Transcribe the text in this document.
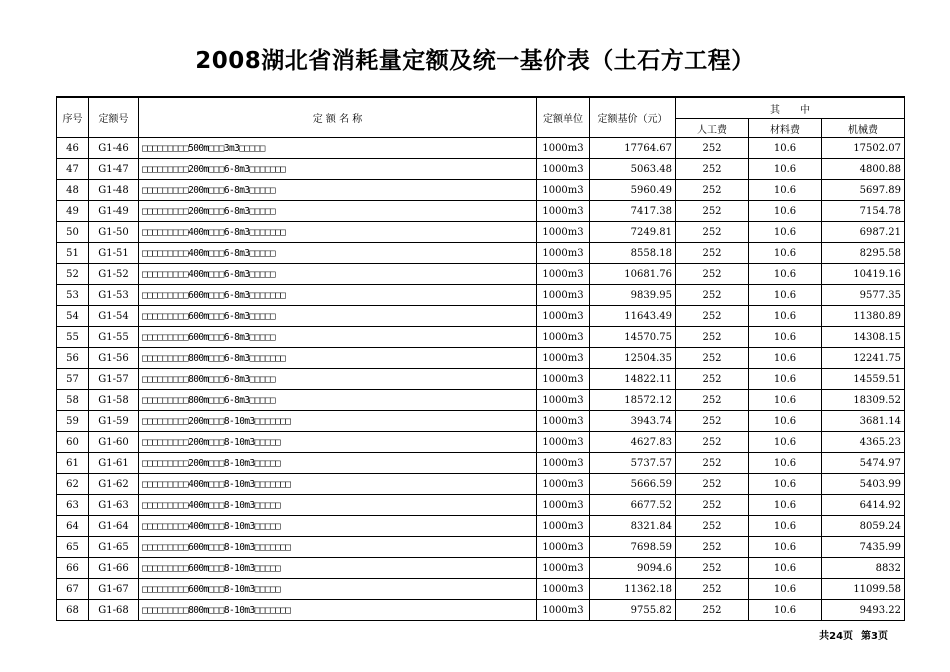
2008湖北省消耗量定额及统一基价表（土石方工程）
序号	定额号	定 额 名 称	定额单位	定额基价（元）	其　　中		
					人工费	材料费	机械费
46	G1-46	□□□□□□□□□500m□□□3m3□□□□□	1000m3	17764.67	252	10.6	17502.07
47	G1-47	□□□□□□□□□200m□□□6-8m3□□□□□□□	1000m3	5063.48	252	10.6	4800.88
48	G1-48	□□□□□□□□□200m□□□6-8m3□□□□□	1000m3	5960.49	252	10.6	5697.89
49	G1-49	□□□□□□□□□200m□□□6-8m3□□□□□	1000m3	7417.38	252	10.6	7154.78
50	G1-50	□□□□□□□□□400m□□□6-8m3□□□□□□□	1000m3	7249.81	252	10.6	6987.21
51	G1-51	□□□□□□□□□400m□□□6-8m3□□□□□	1000m3	8558.18	252	10.6	8295.58
52	G1-52	□□□□□□□□□400m□□□6-8m3□□□□□	1000m3	10681.76	252	10.6	10419.16
53	G1-53	□□□□□□□□□600m□□□6-8m3□□□□□□□	1000m3	9839.95	252	10.6	9577.35
54	G1-54	□□□□□□□□□600m□□□6-8m3□□□□□	1000m3	11643.49	252	10.6	11380.89
55	G1-55	□□□□□□□□□600m□□□6-8m3□□□□□	1000m3	14570.75	252	10.6	14308.15
56	G1-56	□□□□□□□□□800m□□□6-8m3□□□□□□□	1000m3	12504.35	252	10.6	12241.75
57	G1-57	□□□□□□□□□800m□□□6-8m3□□□□□	1000m3	14822.11	252	10.6	14559.51
58	G1-58	□□□□□□□□□800m□□□6-8m3□□□□□	1000m3	18572.12	252	10.6	18309.52
59	G1-59	□□□□□□□□□200m□□□8-10m3□□□□□□□	1000m3	3943.74	252	10.6	3681.14
60	G1-60	□□□□□□□□□200m□□□8-10m3□□□□□	1000m3	4627.83	252	10.6	4365.23
61	G1-61	□□□□□□□□□200m□□□8-10m3□□□□□	1000m3	5737.57	252	10.6	5474.97
62	G1-62	□□□□□□□□□400m□□□8-10m3□□□□□□□	1000m3	5666.59	252	10.6	5403.99
63	G1-63	□□□□□□□□□400m□□□8-10m3□□□□□	1000m3	6677.52	252	10.6	6414.92
64	G1-64	□□□□□□□□□400m□□□8-10m3□□□□□	1000m3	8321.84	252	10.6	8059.24
65	G1-65	□□□□□□□□□600m□□□8-10m3□□□□□□□	1000m3	7698.59	252	10.6	7435.99
66	G1-66	□□□□□□□□□600m□□□8-10m3□□□□□	1000m3	9094.6	252	10.6	8832
67	G1-67	□□□□□□□□□600m□□□8-10m3□□□□□	1000m3	11362.18	252	10.6	11099.58
68	G1-68	□□□□□□□□□800m□□□8-10m3□□□□□□□	1000m3	9755.82	252	10.6	9493.22
共24页 第3页
